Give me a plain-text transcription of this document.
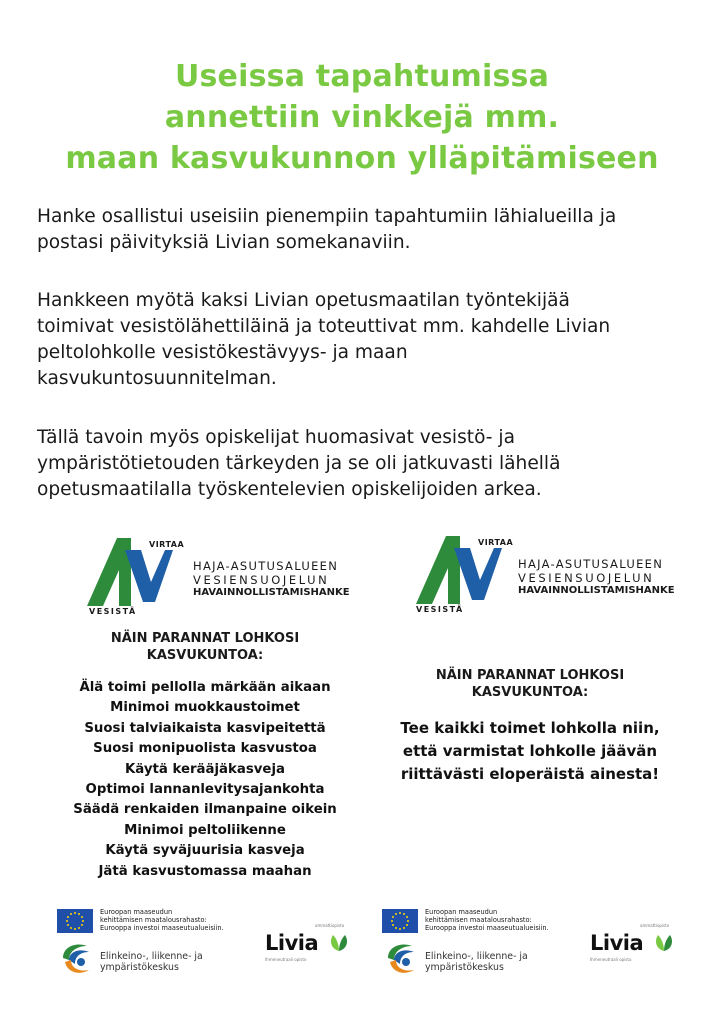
Useissa tapahtumissa
annettiin vinkkejä mm.
maan kasvukunnon ylläpitämiseen
Hanke osallistui useisiin pienempiin tapahtumiin lähialueilla ja
postasi päivityksiä Livian somekanaviin.
Hankkeen myötä kaksi Livian opetusmaatilan työntekijää
toimivat vesistölähettiläinä ja toteuttivat mm. kahdelle Livian
peltolohkolle vesistökestävyys- ja maan
kasvukuntosuunnitelman.
Tällä tavoin myös opiskelijat huomasivat vesistö- ja
ympäristötietouden tärkeyden ja se oli jatkuvasti lähellä
opetusmaatilalla työskentelevien opiskelijoiden arkea.
VIRTAA
VESISTÄ
HAJA-ASUTUSALUEEN
VESIENSUOJELUN
HAVAINNOLLISTAMISHANKE
NÄIN PARANNAT LOHKOSI
KASVUKUNTOA:
Älä toimi pellolla märkään aikaan
Minimoi muokkaustoimet
Suosi talviaikaista kasvipeitettä
Suosi monipuolista kasvustoa
Käytä kerääjäkasveja
Optimoi lannanlevitysajankohta
Säädä renkaiden ilmanpaine oikein
Minimoi peltoliikenne
Käytä syväjuurisia kasveja
Jätä kasvustomassa maahan
Euroopan maaseudun
kehittämisen maatalousrahasto:
Eurooppa investoi maaseutualueisiin.
Elinkeino-, liikenne- ja
ympäristökeskus
ammattiopisto
Livia
Ihmeneutraali opisto
VIRTAA
VESISTÄ
HAJA-ASUTUSALUEEN
VESIENSUOJELUN
HAVAINNOLLISTAMISHANKE
NÄIN PARANNAT LOHKOSI
KASVUKUNTOA:
Tee kaikki toimet lohkolla niin,
että varmistat lohkolle jäävän
riittävästi eloperäistä ainesta!
Euroopan maaseudun
kehittämisen maatalousrahasto:
Eurooppa investoi maaseutualueisiin.
Elinkeino-, liikenne- ja
ympäristökeskus
ammattiopisto
Livia
Ihmeneutraali opisto
